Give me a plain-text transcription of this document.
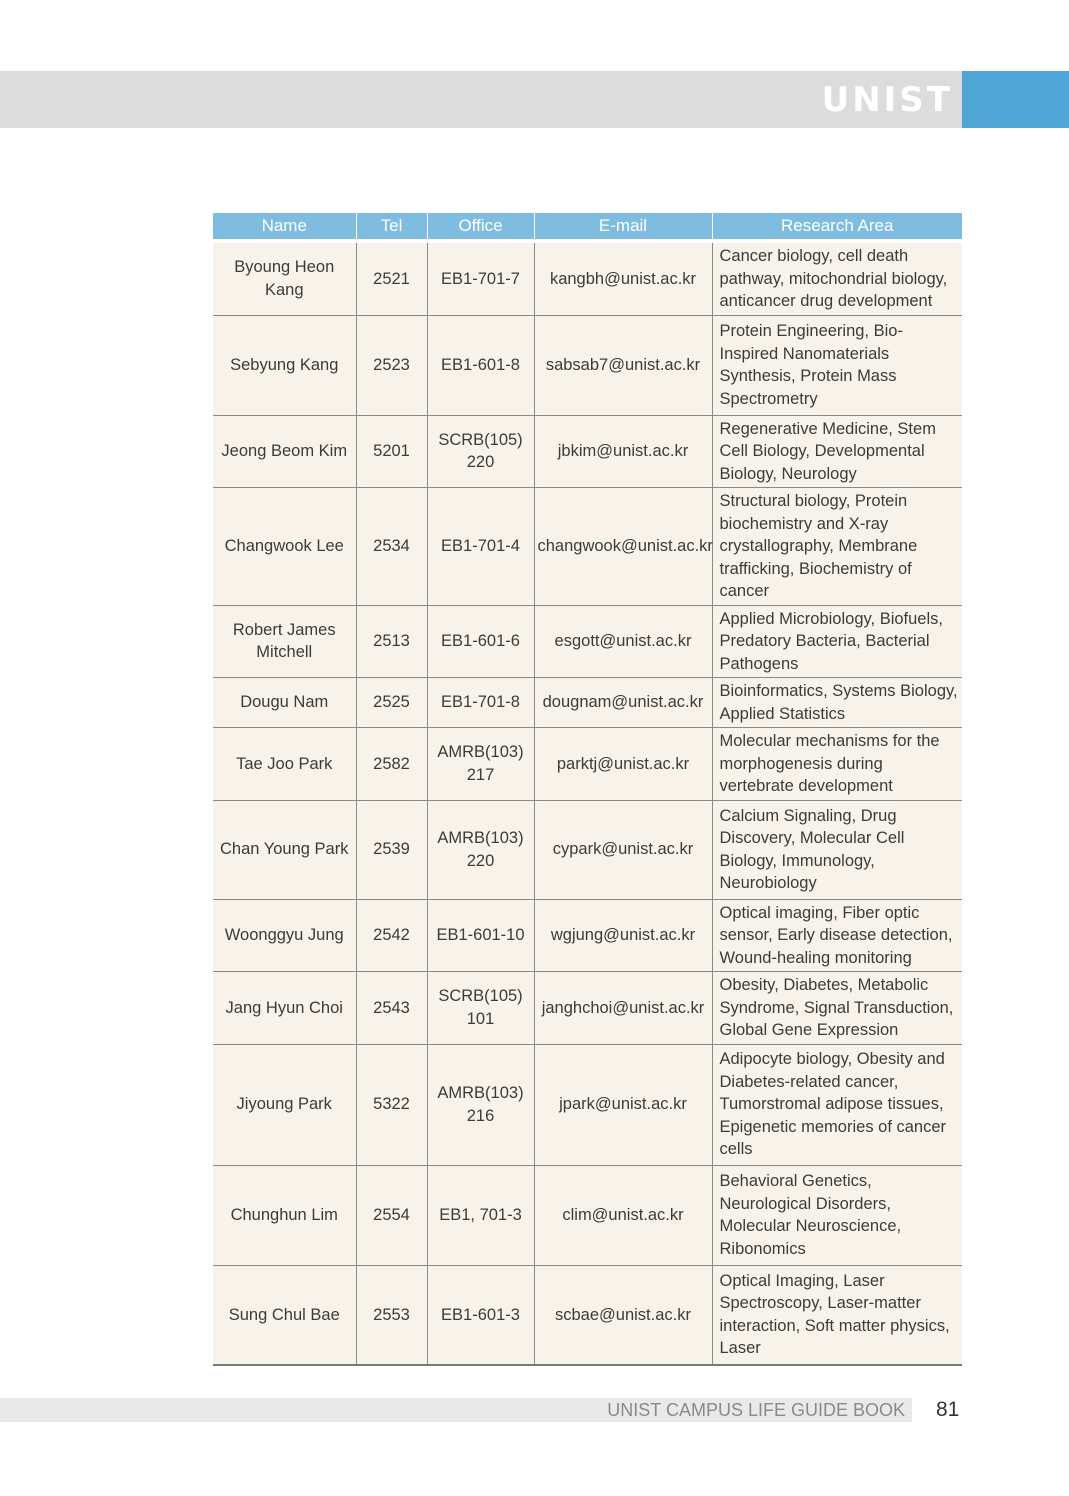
UNIST
Name	Tel	Office	E-mail	Research Area
Byoung Heon Kang	2521	EB1-701-7	kangbh@unist.ac.kr	Cancer biology, cell death pathway, mitochondrial biology, anticancer drug development
Sebyung Kang	2523	EB1-601-8	sabsab7@unist.ac.kr	Protein Engineering, Bio-Inspired Nanomaterials Synthesis, Protein Mass Spectrometry
Jeong Beom Kim	5201	SCRB(105) 220	jbkim@unist.ac.kr	Regenerative Medicine, Stem Cell Biology, Developmental Biology, Neurology
Changwook Lee	2534	EB1-701-4	changwook@unist.ac.kr	Structural biology, Protein biochemistry and X-ray crystallography, Membrane trafficking, Biochemistry of cancer
Robert James Mitchell	2513	EB1-601-6	esgott@unist.ac.kr	Applied Microbiology, Biofuels, Predatory Bacteria, Bacterial Pathogens
Dougu Nam	2525	EB1-701-8	dougnam@unist.ac.kr	Bioinformatics, Systems Biology, Applied Statistics
Tae Joo Park	2582	AMRB(103) 217	parktj@unist.ac.kr	Molecular mechanisms for the morphogenesis during vertebrate development
Chan Young Park	2539	AMRB(103) 220	cypark@unist.ac.kr	Calcium Signaling, Drug Discovery, Molecular Cell Biology, Immunology, Neurobiology
Woonggyu Jung	2542	EB1-601-10	wgjung@unist.ac.kr	Optical imaging, Fiber optic sensor, Early disease detection, Wound-healing monitoring
Jang Hyun Choi	2543	SCRB(105) 101	janghchoi@unist.ac.kr	Obesity, Diabetes, Metabolic Syndrome, Signal Transduction, Global Gene Expression
Jiyoung Park	5322	AMRB(103) 216	jpark@unist.ac.kr	Adipocyte biology, Obesity and Diabetes-related cancer, Tumorstromal adipose tissues, Epigenetic memories of cancer cells
Chunghun Lim	2554	EB1, 701-3	clim@unist.ac.kr	Behavioral Genetics, Neurological Disorders, Molecular Neuroscience, Ribonomics
Sung Chul Bae	2553	EB1-601-3	scbae@unist.ac.kr	Optical Imaging, Laser Spectroscopy, Laser-matter interaction, Soft matter physics, Laser
UNIST CAMPUS LIFE GUIDE BOOK 81
